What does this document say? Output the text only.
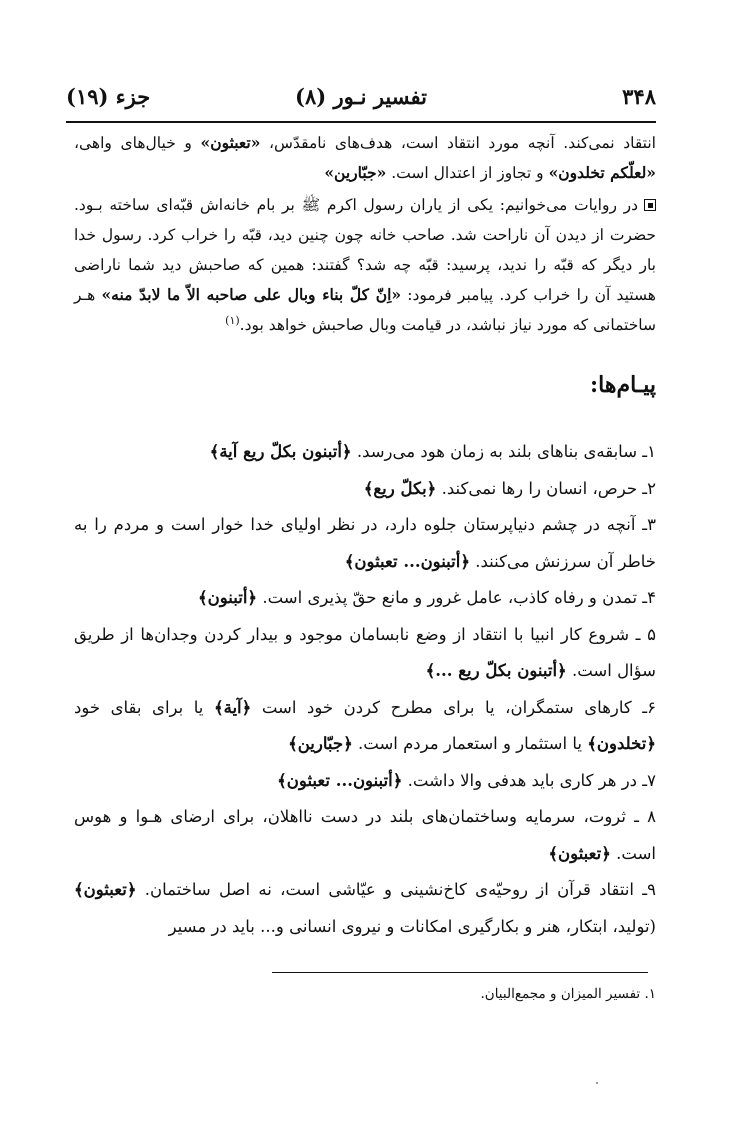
۳۴۸
تفسیر نـور (۸)
جزء (۱۹)

انتقاد نمی‌کند. آنچه مورد انتقاد است، هدف‌های نامقدّس، «تعبثون» و خیال‌های واهی، «لعلّکم تخلدون» و تجاوز از اعتدال است. «جبّارین»

در روایات می‌خوانیم: یکی از یاران رسول اکرم ﷺ بر بام خانه‌اش قبّه‌ای ساخته بـود. حضرت از دیدن آن ناراحت شد. صاحب خانه چون چنین دید، قبّه را خراب کرد. رسول خدا بار دیگر که قبّه را ندید، پرسید: قبّه چه شد؟ گفتند: همین که صاحبش دید شما ناراضی هستید آن را خراب کرد. پیامبر فرمود: «اِنّ کلّ بناء وبال علی صاحبه الاّ ما لابدّ منه» هـر ساختمانی که مورد نیاز نباشد، در قیامت وبال صاحبش خواهد بود.$^{(۱)}$

پیـام‌ها:

۱ـ سابقه‌ی بناهای بلند به زمان هود می‌رسد. ﴿أتبنون بکلّ ریع آیة﴾

۲ـ حرص، انسان را رها نمی‌کند. ﴿بکلّ ریع﴾

۳ـ آنچه در چشم دنیاپرستان جلوه دارد، در نظر اولیای خدا خوار است و مردم را به خاطر آن سرزنش می‌کنند. ﴿أتبنون... تعبثون﴾

۴ـ تمدن و رفاه کاذب، عامل غرور و مانع حقّ پذیری است. ﴿أتبنون﴾

۵ ـ شروع کار انبیا با انتقاد از وضع نابسامان موجود و بیدار کردن وجدان‌ها از طریق سؤال است. ﴿أتبنون بکلّ ریع ...﴾

۶ـ کارهای ستمگران، یا برای مطرح کردن خود است ﴿آیة﴾ یا برای بقای خود ﴿تخلدون﴾ یا استثمار و استعمار مردم است. ﴿جبّارین﴾

۷ـ در هر کاری باید هدفی والا داشت. ﴿أتبنون... تعبثون﴾

۸ ـ ثروت، سرمایه وساختمان‌های بلند در دست نااهلان، برای ارضای هـوا و هوس است. ﴿تعبثون﴾

۹ـ انتقاد قرآن از روحیّه‌ی کاخ‌نشینی و عیّاشی است، نه اصل ساختمان. ﴿تعبثون﴾ (تولید، ابتکار، هنر و بکارگیری امکانات و نیروی انسانی و... باید در مسیر

۱. تفسیر المیزان و مجمع‌البیان.
